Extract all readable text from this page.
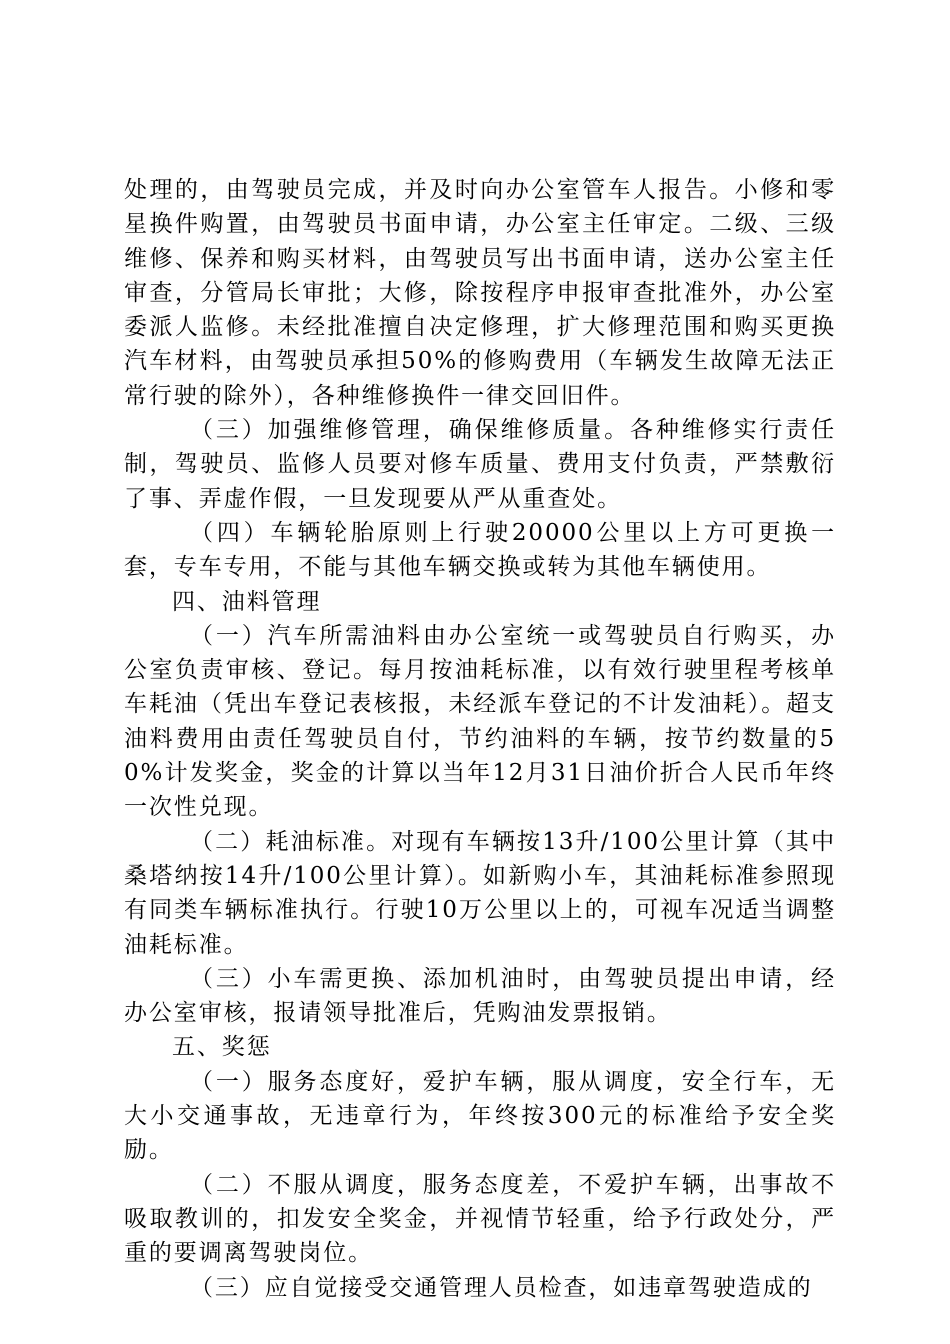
处理的，由驾驶员完成，并及时向办公室管车人报告。小修和零星换件购置，由驾驶员书面申请，办公室主任审定。二级、三级维修、保养和购买材料，由驾驶员写出书面申请，送办公室主任审查，分管局长审批；大修，除按程序申报审查批准外，办公室委派人监修。未经批准擅自决定修理，扩大修理范围和购买更换汽车材料，由驾驶员承担50%的修购费用（车辆发生故障无法正常行驶的除外），各种维修换件一律交回旧件。

（三）加强维修管理，确保维修质量。各种维修实行责任制，驾驶员、监修人员要对修车质量、费用支付负责，严禁敷衍了事、弄虚作假，一旦发现要从严从重查处。

（四）车辆轮胎原则上行驶20000公里以上方可更换一套，专车专用，不能与其他车辆交换或转为其他车辆使用。

四、油料管理

（一）汽车所需油料由办公室统一或驾驶员自行购买，办公室负责审核、登记。每月按油耗标准，以有效行驶里程考核单车耗油（凭出车登记表核报，未经派车登记的不计发油耗）。超支油料费用由责任驾驶员自付，节约油料的车辆，按节约数量的50%计发奖金，奖金的计算以当年12月31日油价折合人民币年终一次性兑现。

（二）耗油标准。对现有车辆按13升/100公里计算（其中桑塔纳按14升/100公里计算）。如新购小车，其油耗标准参照现有同类车辆标准执行。行驶10万公里以上的，可视车况适当调整油耗标准。

（三）小车需更换、添加机油时，由驾驶员提出申请，经办公室审核，报请领导批准后，凭购油发票报销。

五、奖惩

（一）服务态度好，爱护车辆，服从调度，安全行车，无大小交通事故，无违章行为，年终按300元的标准给予安全奖励。

（二）不服从调度，服务态度差，不爱护车辆，出事故不吸取教训的，扣发安全奖金，并视情节轻重，给予行政处分，严重的要调离驾驶岗位。

（三）应自觉接受交通管理人员检查，如违章驾驶造成的
